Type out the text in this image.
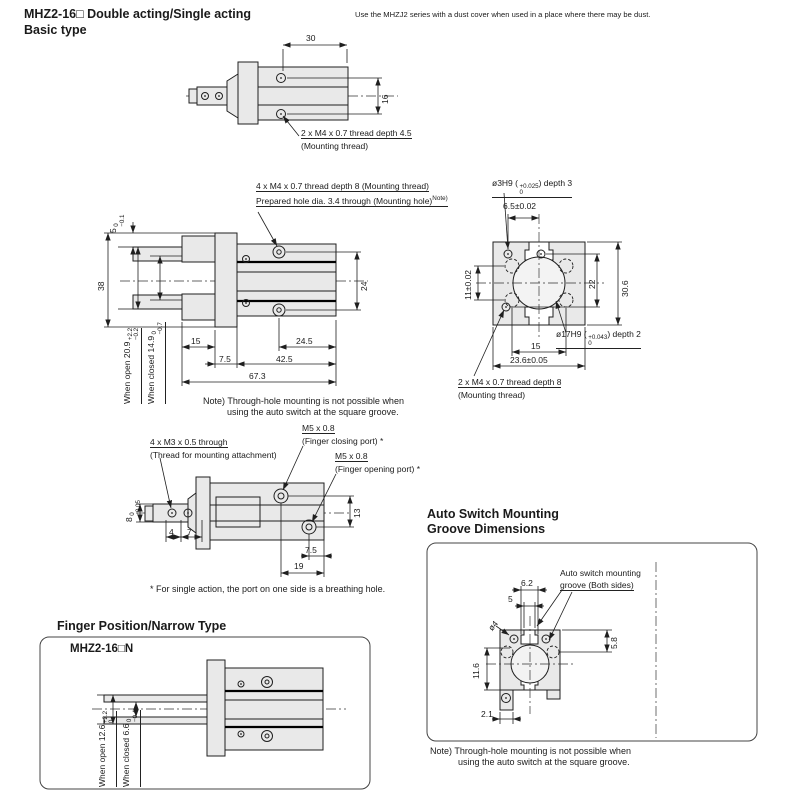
MHZ2-16□ Double acting/Single acting
Basic type
Use the MHZJ2 series with a dust cover when used in a place where there may be dust.
30
16
2 x M4 x 0.7 thread depth 4.5
(Mounting thread)
4 x M4 x 0.7 thread depth 8 (Mounting thread)
Prepared hole dia. 3.4 through (Mounting hole)$^{Note)}$
5
0 −0.1
38
When open 20.9
+2.2 −0.2
When closed 14.9
0 −0.7
24
15	24.5
7.5	42.5
67.3
Note) Through-hole mounting is not possible when
using the auto switch at the square groove.
ø3H9 ( +0.025
0
) depth 3
6.5±0.02
22	30.6
11±0.02
15
23.6±0.05
ø17H9 ( +0.043
0
) depth 2
2 x M4 x 0.7 thread depth 8
(Mounting thread)
4 x M3 x 0.5 through
(Thread for mounting attachment)
M5 x 0.8
(Finger closing port) *
M5 x 0.8
(Finger opening port) *
8
0 −0.05
4 7
13
7.5
19
* For single action, the port on one side is a breathing hole.
Auto Switch Mounting
Groove Dimensions
Auto switch mounting
groove (Both sides)
6.2
5
ø4
11.6
5.8
2.1
Note) Through-hole mounting is not possible when
using the auto switch at the square groove.
Finger Position/Narrow Type
MHZ2-16□N
When open 12.6
+2.2 0
When closed 6.6
0 −0.4
